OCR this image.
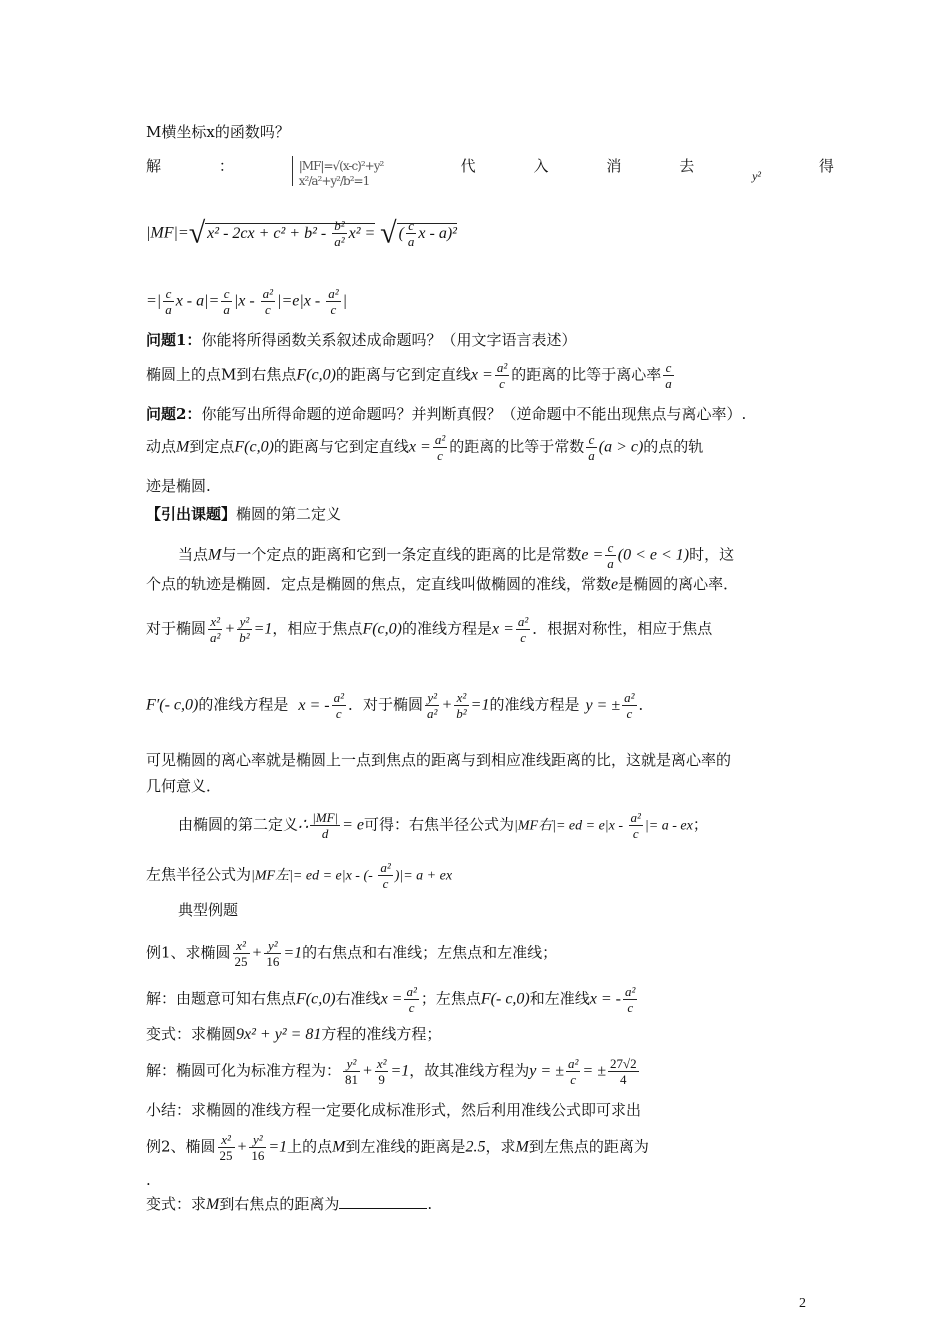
M横坐标x的函数吗？
解	：	|MF|=√(x-c)²+y²
x²/a²+y²/b²=1
代	入	消	去
y²
得
|MF|=√ $x^2 - 2cx + c^2 + b^2 - \frac{\text{b²}}{\text{a²}} x^2$ = √ ( $\frac{c}{a}$ x - a)²
=| $\frac{c}{a}$ $x - a|= \frac{c}{a} |x - \frac{\text{a²}}{c} |=e|x - \frac{\text{a²}}{c}$ |
问题1：你能将所得函数关系叙述成命题吗？（用文字语言表述）
椭圆上的点M到右焦点F(c,0)的距离与它到定直线$x = \frac{\text{a²}}{c}$ 的距离的比等于离心率 $\frac{c}{a}$
问题2：你能写出所得命题的逆命题吗？并判断真假？（逆命题中不能出现焦点与离心率）.
动点M到定点F(c,0)的距离与它到定直线$x = \frac{\text{a²}}{c}$ 的距离的比等于常数 $\frac{c}{a} (a > c)$的点的轨
迹是椭圆.
【引出课题】椭圆的第二定义
当点M与一个定点的距离和它到一条定直线的距离的比是常数$e = \frac{c}{a} (0 < e < 1)$时，这
个点的轨迹是椭圆．定点是椭圆的焦点，定直线叫做椭圆的准线，常数e是椭圆的离心率．
对于椭圆 $\frac{\text{x²}}{\text{a²}} + \frac{\text{y²}}{\text{b²}} =1$，相应于焦点F(c,0)的准线方程是$x = \frac{\text{a²}}{c}$ ．根据对称性，相应于焦点
F′(- c,0)的准线方程是 x = - $\frac{\text{a²}}{c}$ ．对于椭圆 $\frac{\text{y²}}{\text{a²}} + \frac{\text{x²}}{\text{b²}} =1$的准线方程是 y = ± $\frac{\text{a²}}{c}$ ．
可见椭圆的离心率就是椭圆上一点到焦点的距离与到相应准线距离的比，这就是离心率的
几何意义．
由椭圆的第二定义∴ $\frac{|MF|}{d} = e$可得：右焦半径公式为|MF右|= ed = $e|x - \frac{\text{a²}}{c}$ |= a - ex；
左焦半径公式为|MF左|= ed = e|x - (- $\frac{\text{a²}}{c}$ )|= a + ex
典型例题
例1、求椭圆 $\frac{\text{x²}}{25} + \frac{\text{y²}}{16} =1$的右焦点和右准线；左焦点和左准线；
解：由题意可知右焦点F(c,0)右准线$x = \frac{\text{a²}}{c}$ ；左焦点F(- c,0)和左准线x = - $\frac{\text{a²}}{c}$
变式：求椭圆9x² + y² = 81方程的准线方程；
解：椭圆可化为标准方程为： $\frac{\text{y²}}{81} + \frac{\text{x²}}{9} =1$，故其准线方程为y = ± $\frac{\text{a²}}{c}$ = ± $\frac{27√2}{4}$
小结：求椭圆的准线方程一定要化成标准形式，然后利用准线公式即可求出
例2、椭圆 $\frac{\text{x²}}{25} + \frac{\text{y²}}{16} =1$上的点M到左准线的距离是2.5，求M到左焦点的距离为
.
变式：求M到右焦点的距离为	.
2
